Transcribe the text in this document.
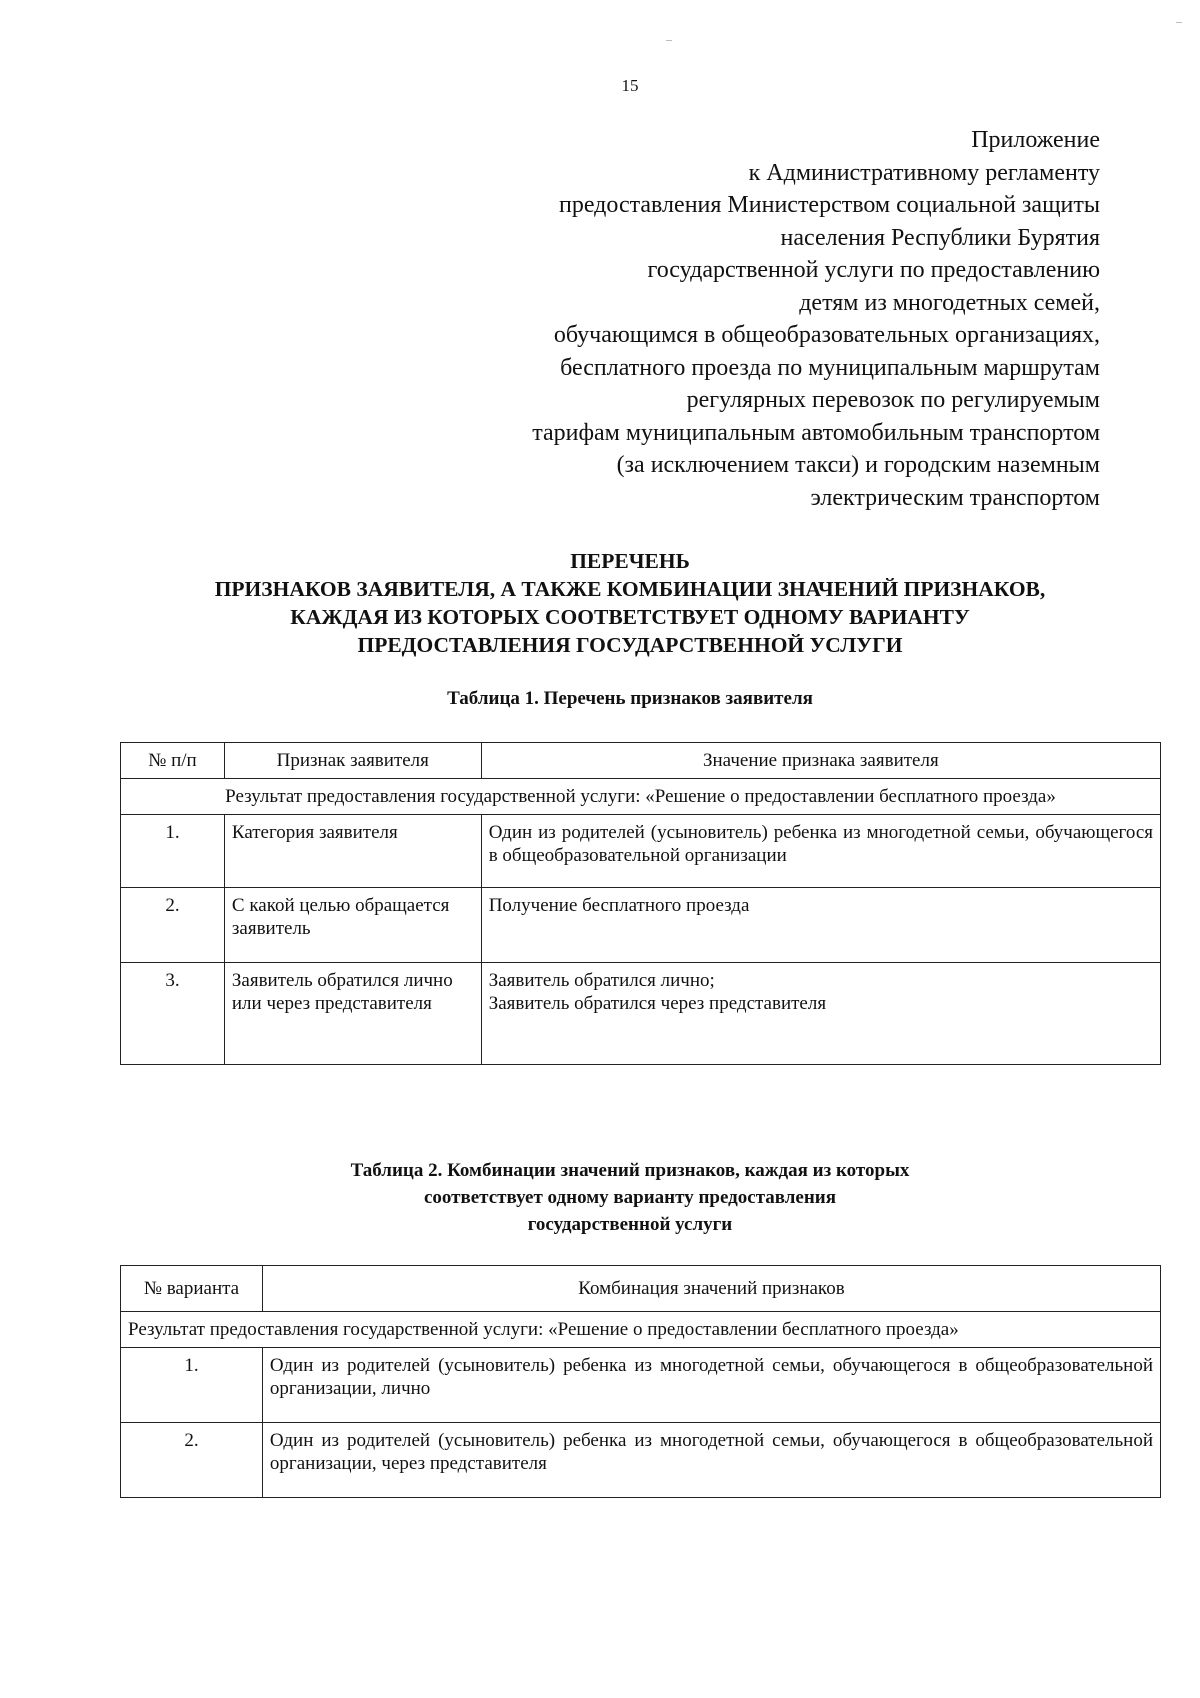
15
Приложение
к Административному регламенту
предоставления Министерством социальной защиты
населения Республики Бурятия
государственной услуги по предоставлению
детям из многодетных семей,
обучающимся в общеобразовательных организациях,
бесплатного проезда по муниципальным маршрутам
регулярных перевозок по регулируемым
тарифам муниципальным автомобильным транспортом
(за исключением такси) и городским наземным
электрическим транспортом
ПЕРЕЧЕНЬ
ПРИЗНАКОВ ЗАЯВИТЕЛЯ, А ТАКЖЕ КОМБИНАЦИИ ЗНАЧЕНИЙ ПРИЗНАКОВ,
КАЖДАЯ ИЗ КОТОРЫХ СООТВЕТСТВУЕТ ОДНОМУ ВАРИАНТУ
ПРЕДОСТАВЛЕНИЯ ГОСУДАРСТВЕННОЙ УСЛУГИ
Таблица 1. Перечень признаков заявителя
№ п/п	Признак заявителя	Значение признака заявителя
Результат предоставления государственной услуги: «Решение о предоставлении бесплатного проезда»		
1.	Категория заявителя	Один из родителей (усыновитель) ребенка из многодетной семьи, обучающегося в общеобразовательной организации

2.	С какой целью обращается заявитель	Получение бесплатного проезда

3.	Заявитель обратился лично или через представителя	Заявитель обратился лично;
Заявитель обратился через представителя
Таблица 2. Комбинации значений признаков, каждая из которых
соответствует одному варианту предоставления
государственной услуги
№ варианта	Комбинация значений признаков
Результат предоставления государственной услуги: «Решение о предоставлении бесплатного проезда»	
1.	Один из родителей (усыновитель) ребенка из многодетной семьи, обучающегося в общеобразовательной организации, лично
2.	Один из родителей (усыновитель) ребенка из многодетной семьи, обучающегося в общеобразовательной организации, через представителя
